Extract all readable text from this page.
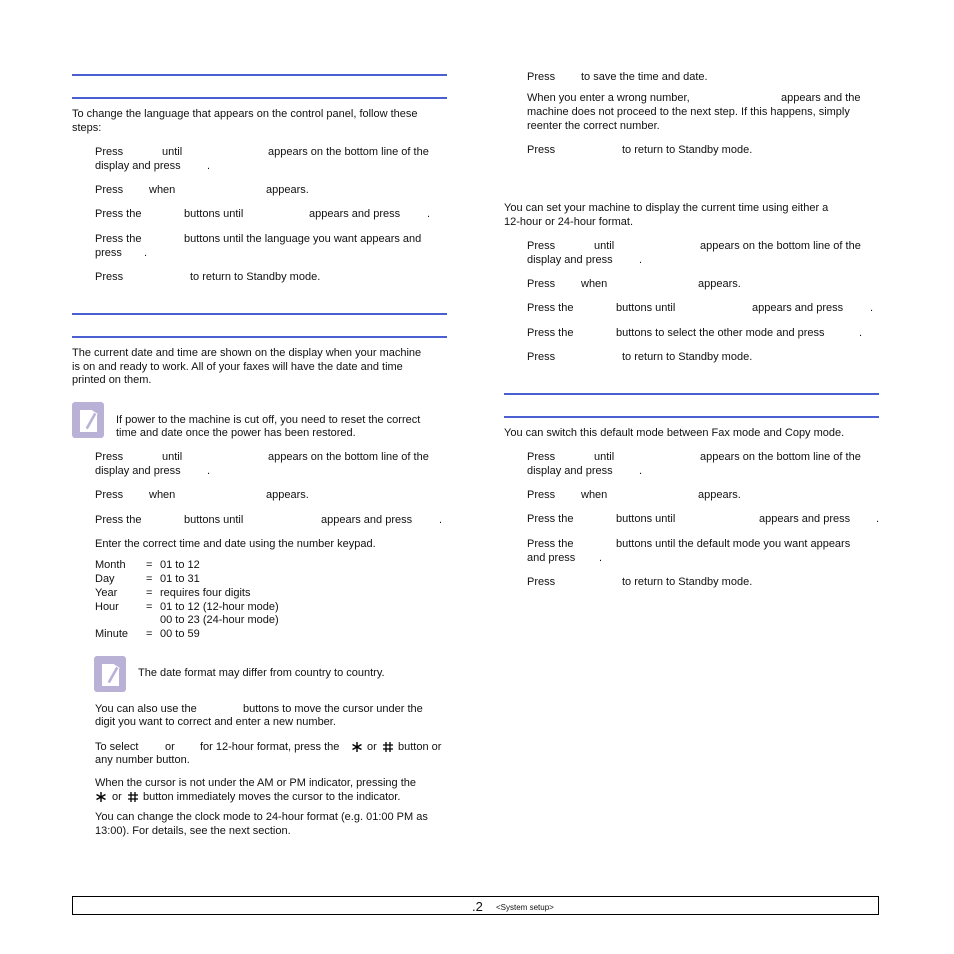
To change the language that appears on the control panel, follow these
steps:
Press	until	appears on the bottom line of the
display and press .
Press when	appears.
Press the	buttons until	appears and press .
Press the	buttons until the language you want appears and
press .
Press	to return to Standby mode.
The current date and time are shown on the display when your machine
is on and ready to work. All of your faxes will have the date and time
printed on them.
If power to the machine is cut off, you need to reset the correct
time and date once the power has been restored.
Press	until	appears on the bottom line of the
display and press .
Press when	appears.
Press the	buttons until	appears and press .
Enter the correct time and date using the number keypad.
Month = 01 to 12
Day	= 01 to 31
Year	= requires four digits
Hour = 01 to 12 (12-hour mode)
00 to 23 (24-hour mode)
Minute = 00 to 59
The date format may differ from country to country.
You can also use the	buttons to move the cursor under the
digit you want to correct and enter a new number.
To select or for 12-hour format, press the	or button or
any number button.
When the cursor is not under the AM or PM indicator, pressing the
or button immediately moves the cursor to the indicator.
You can change the clock mode to 24-hour format (e.g. 01:00 PM as
13:00). For details, see the next section.
Press to save the time and date.
When you enter a wrong number,	appears and the
machine does not proceed to the next step. If this happens, simply
reenter the correct number.
Press	to return to Standby mode.
You can set your machine to display the current time using either a
12-hour or 24-hour format.
Press	until	appears on the bottom line of the
display and press .
Press when	appears.
Press the	buttons until	appears and press .
Press the	buttons to select the other mode and press	.
Press	to return to Standby mode.
You can switch this default mode between Fax mode and Copy mode.
Press	until	appears on the bottom line of the
display and press .
Press when	appears.
Press the	buttons until	appears and press .
Press the	buttons until the default mode you want appears
and press .
Press	to return to Standby mode.
.2 <System setup>
